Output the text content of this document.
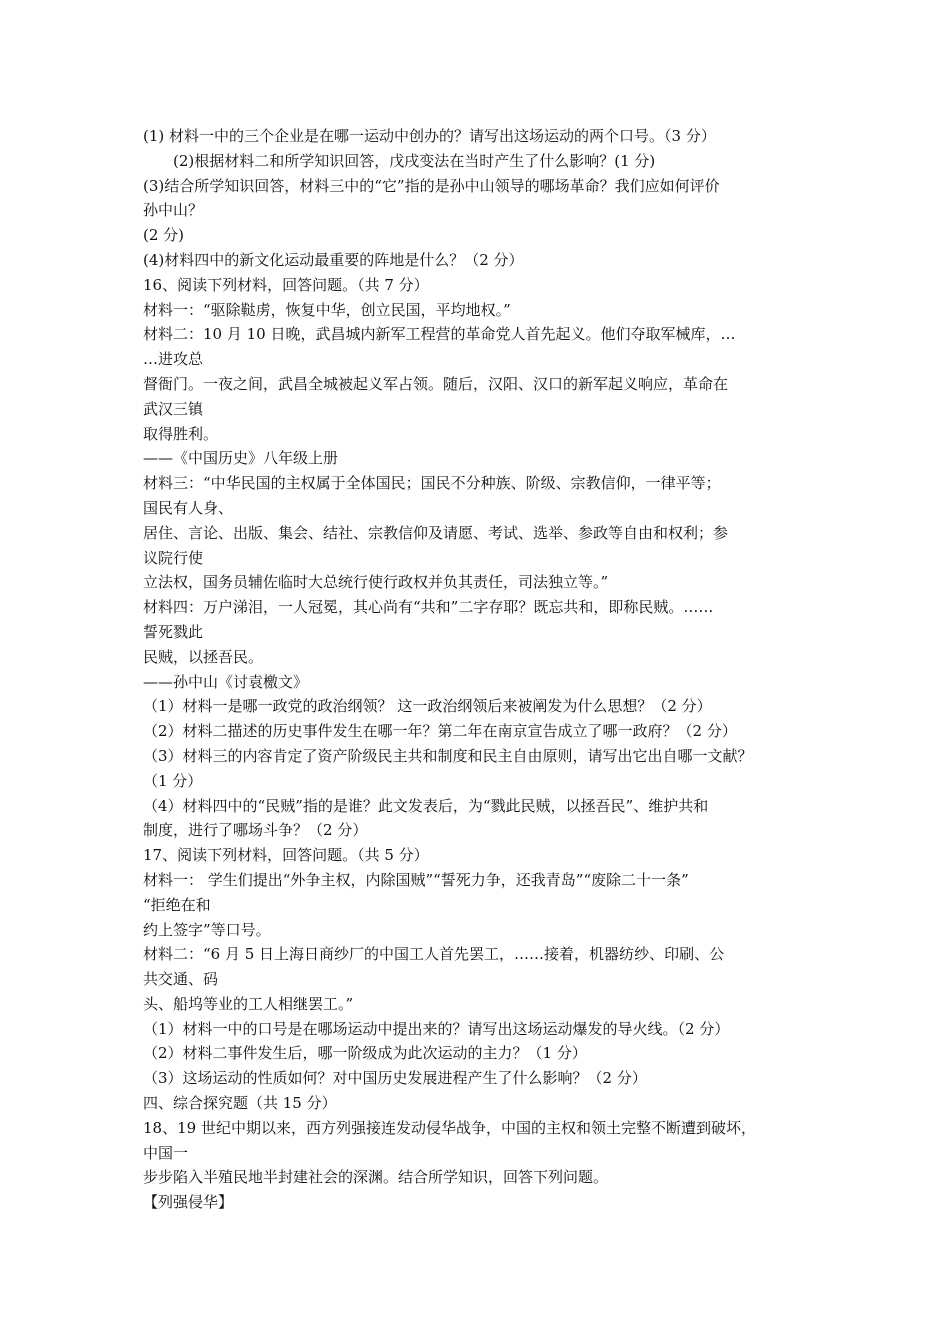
(1) 材料一中的三个企业是在哪一运动中创办的？请写出这场运动的两个口号。（3 分）
(2)根据材料二和所学知识回答，戊戌变法在当时产生了什么影响？(1 分)
(3)结合所学知识回答，材料三中的“它”指的是孙中山领导的哪场革命？我们应如何评价
孙中山？
(2 分)
(4)材料四中的新文化运动最重要的阵地是什么？（2 分）
16、阅读下列材料，回答问题。（共 7 分）
材料一：“驱除鞑虏，恢复中华，创立民国，平均地权。”
材料二：10 月 10 日晚，武昌城内新军工程营的革命党人首先起义。他们夺取军械库，…
…进攻总
督衙门。一夜之间，武昌全城被起义军占领。随后，汉阳、汉口的新军起义响应，革命在
武汉三镇
取得胜利。
——《中国历史》八年级上册
材料三：“中华民国的主权属于全体国民；国民不分种族、阶级、宗教信仰，一律平等；
国民有人身、
居住、言论、出版、集会、结社、宗教信仰及请愿、考试、选举、参政等自由和权利；参
议院行使
立法权，国务员辅佐临时大总统行使行政权并负其责任，司法独立等。”
材料四：万户涕泪，一人冠冕，其心尚有“共和”二字存耶？既忘共和，即称民贼。……
誓死戮此
民贼，以拯吾民。
——孙中山《讨袁檄文》
（1）材料一是哪一政党的政治纲领？ 这一政治纲领后来被阐发为什么思想？（2 分）
（2）材料二描述的历史事件发生在哪一年？第二年在南京宣告成立了哪一政府？（2 分）
（3）材料三的内容肯定了资产阶级民主共和制度和民主自由原则，请写出它出自哪一文献？
（1 分）
（4）材料四中的“民贼”指的是谁？此文发表后，为“戮此民贼，以拯吾民”、维护共和
制度，进行了哪场斗争？（2 分）
17、阅读下列材料，回答问题。（共 5 分）
材料一： 学生们提出“外争主权，内除国贼”“誓死力争，还我青岛”“废除二十一条”
“拒绝在和
约上签字”等口号。
材料二：“6 月 5 日上海日商纱厂的中国工人首先罢工，……接着，机器纺纱、印刷、公
共交通、码
头、船坞等业的工人相继罢工。”
（1）材料一中的口号是在哪场运动中提出来的？请写出这场运动爆发的导火线。（2 分）
（2）材料二事件发生后，哪一阶级成为此次运动的主力？（1 分）
（3）这场运动的性质如何？对中国历史发展进程产生了什么影响？（2 分）
四、综合探究题（共 15 分）
18、19 世纪中期以来，西方列强接连发动侵华战争，中国的主权和领土完整不断遭到破坏，
中国一
步步陷入半殖民地半封建社会的深渊。结合所学知识，回答下列问题。
【列强侵华】
